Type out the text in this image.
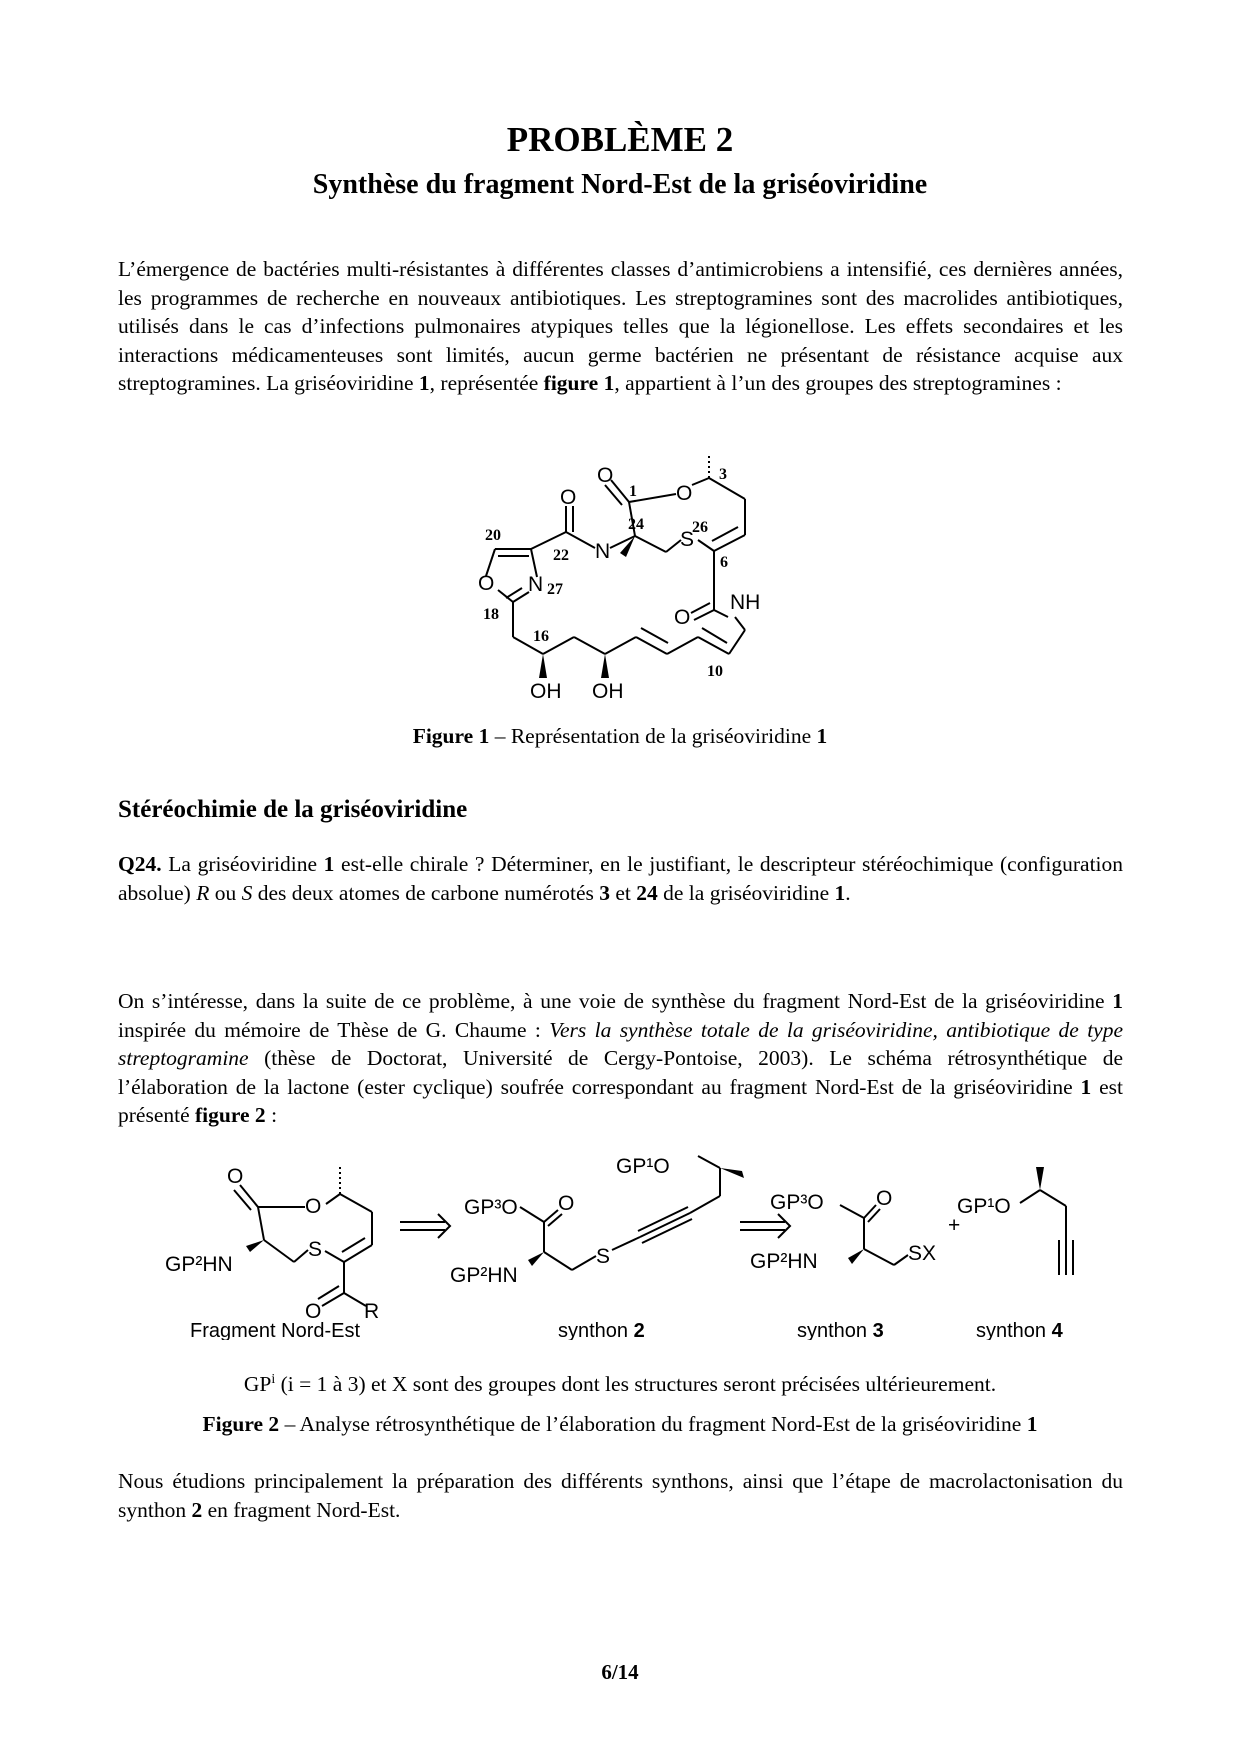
PROBLÈME 2
Synthèse du fragment Nord-Est de la griséoviridine
L’émergence de bactéries multi-résistantes à différentes classes d’antimicrobiens a intensifié, ces dernières années, les programmes de recherche en nouveaux antibiotiques. Les streptogramines sont des macrolides antibiotiques, utilisés dans le cas d’infections pulmonaires atypiques telles que la légionellose. Les effets secondaires et les interactions médicamenteuses sont limités, aucun germe bactérien ne présentant de résistance acquise aux streptogramines. La griséoviridine 1, représentée figure 1, appartient à l’un des groupes des streptogramines :
O
O
S
O
N
O N
O
NH
OH OH
1
3
24	26
6
20
22
27
18
16
10
Figure 1 – Représentation de la griséoviridine 1
Stéréochimie de la griséoviridine
Q24. La griséoviridine 1 est-elle chirale ? Déterminer, en le justifiant, le descripteur stéréochimique (configuration absolue) R ou S des deux atomes de carbone numérotés 3 et 24 de la griséoviridine 1.
On s’intéresse, dans la suite de ce problème, à une voie de synthèse du fragment Nord-Est de la griséoviridine 1 inspirée du mémoire de Thèse de G. Chaume : Vers la synthèse totale de la griséoviridine, antibiotique de type streptogramine (thèse de Doctorat, Université de Cergy-Pontoise, 2003). Le schéma rétrosynthétique de l’élaboration de la lactone (ester cyclique) soufrée correspondant au fragment Nord-Est de la griséoviridine 1 est présenté figure 2 :
O
O
GP²HN
S
O R
GP¹O
GP³O O
S
GP²HN
GP³O O
SX
GP²HN
GP¹O
+
Fragment Nord-Est	synthon 2	synthon 3	synthon 4
$GP^i$ (i = 1 à 3) et X sont des groupes dont les structures seront précisées ultérieurement.
Figure 2 – Analyse rétrosynthétique de l’élaboration du fragment Nord-Est de la griséoviridine 1
Nous étudions principalement la préparation des différents synthons, ainsi que l’étape de macrolactonisation du synthon 2 en fragment Nord-Est.
6/14
